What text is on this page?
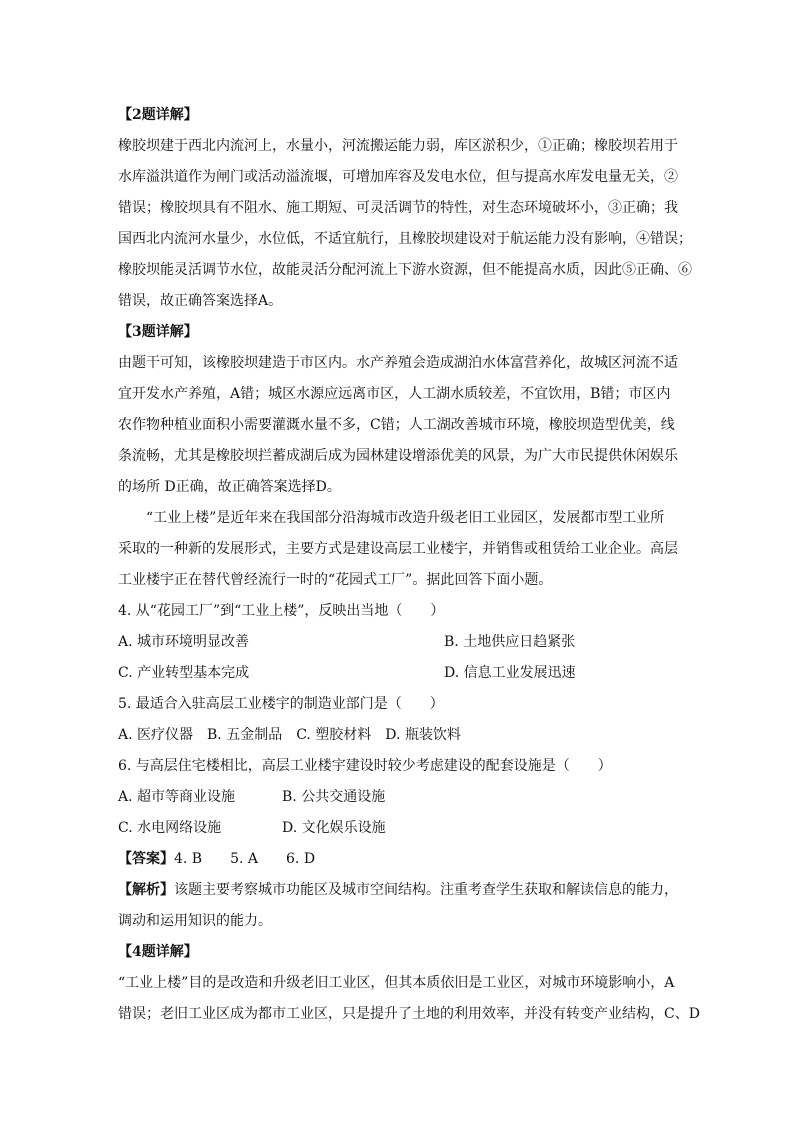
【2题详解】
橡胶坝建于西北内流河上，水量小，河流搬运能力弱，库区淤积少，①正确；橡胶坝若用于
水库溢洪道作为闸门或活动溢流堰，可增加库容及发电水位，但与提高水库发电量无关，②
错误；橡胶坝具有不阻水、施工期短、可灵活调节的特性，对生态环境破坏小，③正确；我
国西北内流河水量少，水位低，不适宜航行，且橡胶坝建设对于航运能力没有影响，④错误；
橡胶坝能灵活调节水位，故能灵活分配河流上下游水资源，但不能提高水质，因此⑤正确、⑥
错误，故正确答案选择A。
【3题详解】
由题干可知，该橡胶坝建造于市区内。水产养殖会造成湖泊水体富营养化，故城区河流不适
宜开发水产养殖，A错；城区水源应远离市区，人工湖水质较差，不宜饮用，B错；市区内
农作物种植业面积小需要灌溉水量不多，C错；人工湖改善城市环境，橡胶坝造型优美，线
条流畅，尤其是橡胶坝拦蓄成湖后成为园林建设增添优美的风景，为广大市民提供休闲娱乐
的场所 D正确，故正确答案选择D。
“工业上楼”是近年来在我国部分沿海城市改造升级老旧工业园区，发展都市型工业所
采取的一种新的发展形式，主要方式是建设高层工业楼宇，并销售或租赁给工业企业。高层
工业楼宇正在替代曾经流行一时的“花园式工厂”。据此回答下面小题。
4. 从“花园工厂”到“工业上楼”，反映出当地（　　）
A. 城市环境明显改善	B. 土地供应日趋紧张
C. 产业转型基本完成	D. 信息工业发展迅速
5. 最适合入驻高层工业楼宇的制造业部门是（　　）
A. 医疗仪器　B. 五金制品　C. 塑胶材料　D. 瓶装饮料
6. 与高层住宅楼相比，高层工业楼宇建设时较少考虑建设的配套设施是（　　）
A. 超市等商业设施	B. 公共交通设施
C. 水电网络设施	D. 文化娱乐设施
【答案】4. B　　5. A　　6. D
【解析】该题主要考察城市功能区及城市空间结构。注重考查学生获取和解读信息的能力，
调动和运用知识的能力。
【4题详解】
“工业上楼”目的是改造和升级老旧工业区，但其本质依旧是工业区，对城市环境影响小，A
错误；老旧工业区成为都市工业区，只是提升了土地的利用效率，并没有转变产业结构，C、D
